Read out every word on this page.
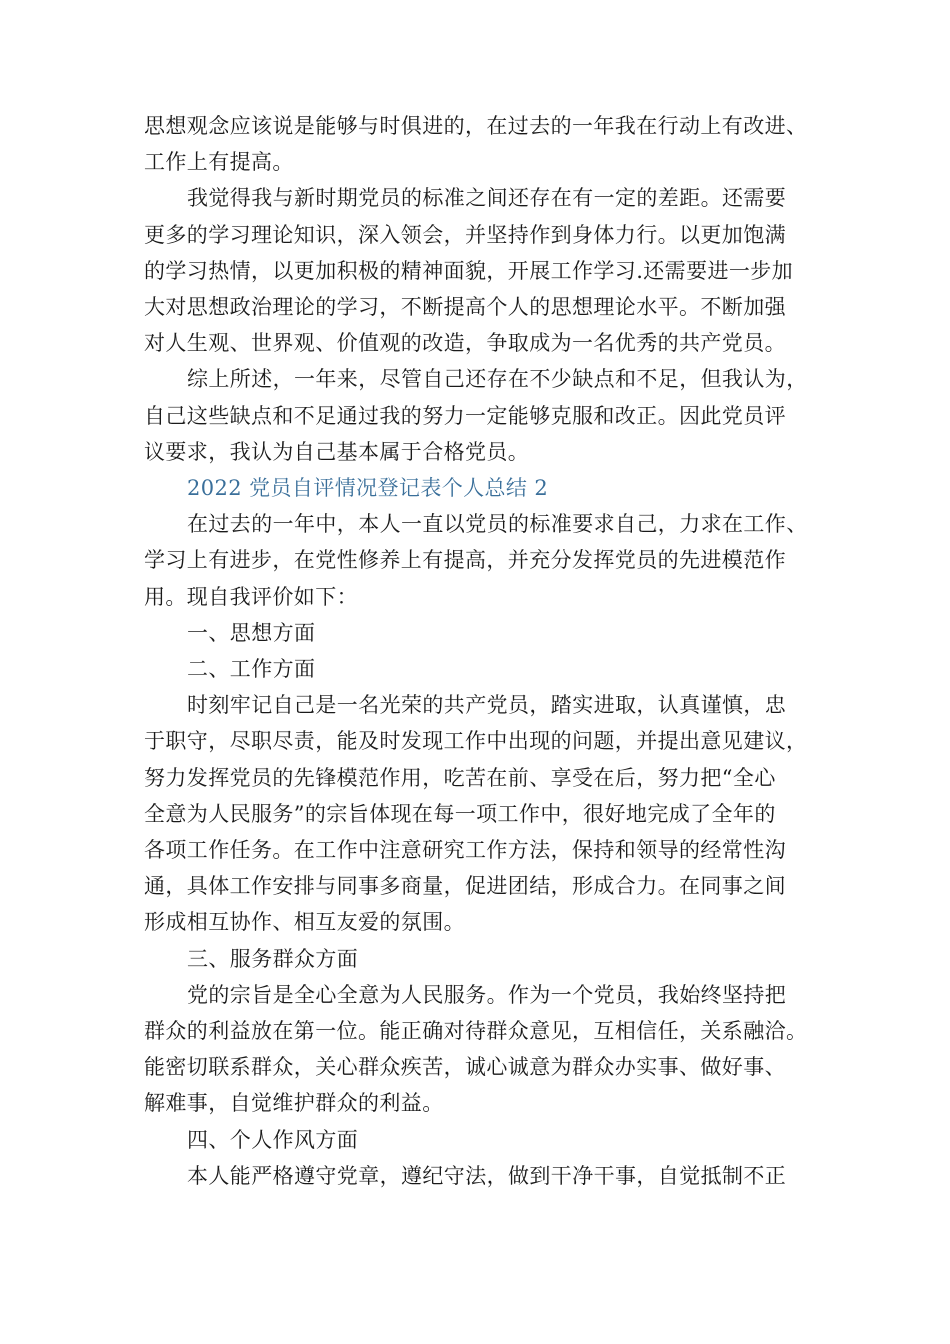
思想观念应该说是能够与时俱进的，在过去的一年我在行动上有改进、
工作上有提高。
我觉得我与新时期党员的标准之间还存在有一定的差距。还需要
更多的学习理论知识，深入领会，并坚持作到身体力行。以更加饱满
的学习热情，以更加积极的精神面貌，开展工作学习.还需要进一步加
大对思想政治理论的学习，不断提高个人的思想理论水平。不断加强
对人生观、世界观、价值观的改造，争取成为一名优秀的共产党员。
综上所述，一年来，尽管自己还存在不少缺点和不足，但我认为，
自己这些缺点和不足通过我的努力一定能够克服和改正。因此党员评
议要求，我认为自己基本属于合格党员。
2022 党员自评情况登记表个人总结 2
在过去的一年中，本人一直以党员的标准要求自己，力求在工作、
学习上有进步，在党性修养上有提高，并充分发挥党员的先进模范作
用。现自我评价如下：
一、思想方面
二、工作方面
时刻牢记自己是一名光荣的共产党员，踏实进取，认真谨慎，忠
于职守，尽职尽责，能及时发现工作中出现的问题，并提出意见建议，
努力发挥党员的先锋模范作用，吃苦在前、享受在后，努力把“全心
全意为人民服务”的宗旨体现在每一项工作中，很好地完成了全年的
各项工作任务。在工作中注意研究工作方法，保持和领导的经常性沟
通，具体工作安排与同事多商量，促进团结，形成合力。在同事之间
形成相互协作、相互友爱的氛围。
三、服务群众方面
党的宗旨是全心全意为人民服务。作为一个党员，我始终坚持把
群众的利益放在第一位。能正确对待群众意见，互相信任，关系融洽。
能密切联系群众，关心群众疾苦，诚心诚意为群众办实事、做好事、
解难事，自觉维护群众的利益。
四、个人作风方面
本人能严格遵守党章，遵纪守法，做到干净干事，自觉抵制不正
